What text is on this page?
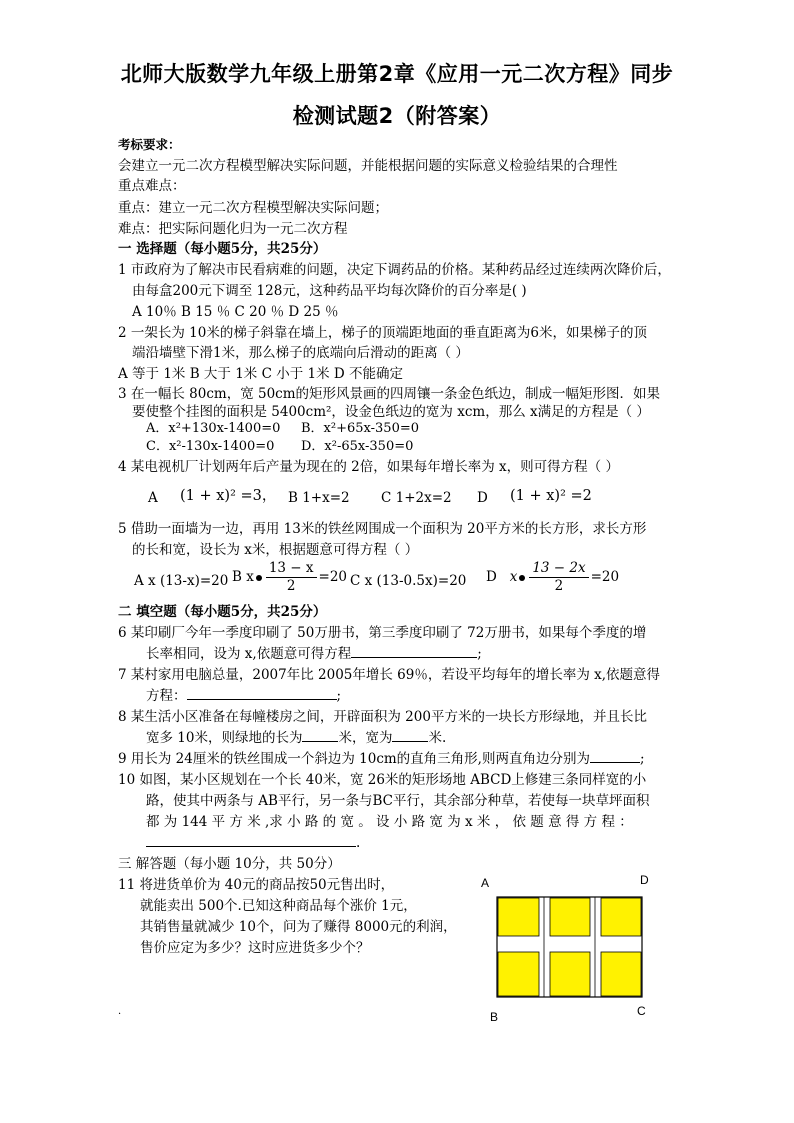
北师大版数学九年级上册第2章《应用一元二次方程》同步
检测试题2（附答案）
考标要求：
会建立一元二次方程模型解决实际问题，并能根据问题的实际意义检验结果的合理性
重点难点：
重点：建立一元二次方程模型解决实际问题；
难点：把实际问题化归为一元二次方程
一 选择题（每小题5分，共25分）
1 市政府为了解决市民看病难的问题，决定下调药品的价格。某种药品经过连续两次降价后，
由每盒200元下调至 128元，这种药品平均每次降价的百分率是( )
A 10％ B 15 ％ C 20 ％ D 25 ％
2 一架长为 10米的梯子斜靠在墙上，梯子的顶端距地面的垂直距离为6米，如果梯子的顶
端沿墙壁下滑1米，那么梯子的底端向后滑动的距离（ ）
A 等于 1米 B 大于 1米 C 小于 1米 D 不能确定
3 在一幅长 80cm，宽 50cm的矩形风景画的四周镶一条金色纸边，制成一幅矩形图．如果
要使整个挂图的面积是 5400cm²，设金色纸边的宽为 xcm，那么 x满足的方程是（ ）
A．x²+130x-1400=0 B．x²+65x-350=0
C．x²-130x-1400=0 D．x²-65x-350=0
4 某电视机厂计划两年后产量为现在的 2倍，如果每年增长率为 x，则可得方程（ ）
A (1 + x)² =3， B 1+x=2 C 1+2x=2 D (1 + x)² =2
5 借助一面墙为一边，再用 13米的铁丝网围成一个面积为 20平方米的长方形，求长方形
的长和宽，设长为 x米，根据题意可得方程（ ）
A x (13-x)=20 B x $\frac{13 - x}{2} =20$ C x (13-0.5x)=20 D x $\frac{13 - 2x}{2} =20$
二 填空题（每小题5分，共25分）
6 某印刷厂今年一季度印刷了 50万册书，第三季度印刷了 72万册书，如果每个季度的增
长率相同，设为 x,依题意可得方程	;
7 某村家用电脑总量，2007年比 2005年增长 69％，若设平均每年的增长率为 x,依题意得
方程：	;
8 某生活小区准备在每幢楼房之间，开辟面积为 200平方米的一块长方形绿地，并且长比
宽多 10米，则绿地的长为	米，宽为	米.
9 用长为 24厘米的铁丝围成一个斜边为 10cm的直角三角形,则两直角边分别为	;
10 如图，某小区规划在一个长 40米，宽 26米的矩形场地 ABCD上修建三条同样宽的小
路，使其中两条与 AB平行，另一条与BC平行，其余部分种草，若使每一块草坪面积
都 为 144 平 方 米 ,求 小 路 的 宽 。 设 小 路 宽 为 x 米 ， 依 题 意 得 方 程 ：
.
三 解答题（每小题 10分，共 50分）
11 将进货单价为 40元的商品按50元售出时，
就能卖出 500个.已知这种商品每个涨价 1元，
其销售量就减少 10个，问为了赚得 8000元的利润，
售价应定为多少？这时应进货多少个？
A	D
B	C
·
